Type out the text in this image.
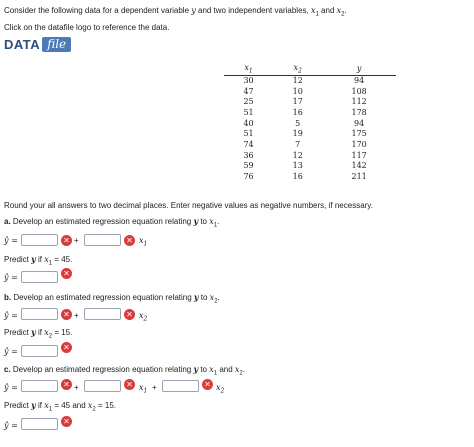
Consider the following data for a dependent variable y and two independent variables, $x_1$ and $x_2$.
Click on the datafile logo to reference the data.
DATA file
$x_1$	$x_2$	y
30	12	94
47	10	108
25	17	112
51	16	178
40	5	94
51	19	175
74	7	170
36	12	117
59	13	142
76	16	211
Round your all answers to two decimal places. Enter negative values as negative numbers, if necessary.
a. Develop an estimated regression equation relating y to $x_1$.
ŷ =	✕ +	✕ $x_1$
Predict y if $x_1 = 45$.
ŷ =	✕
b. Develop an estimated regression equation relating y to $x_2$.
ŷ =	✕ +	✕ $x_2$
Predict y if $x_2 = 15$.
ŷ =	✕
c. Develop an estimated regression equation relating y to $x_1$ and $x_2$.
ŷ =	✕ +	✕ $x_1$ +	✕ $x_2$
Predict y if $x_1 = 45$ and $x_2 = 15$.
ŷ =	✕
